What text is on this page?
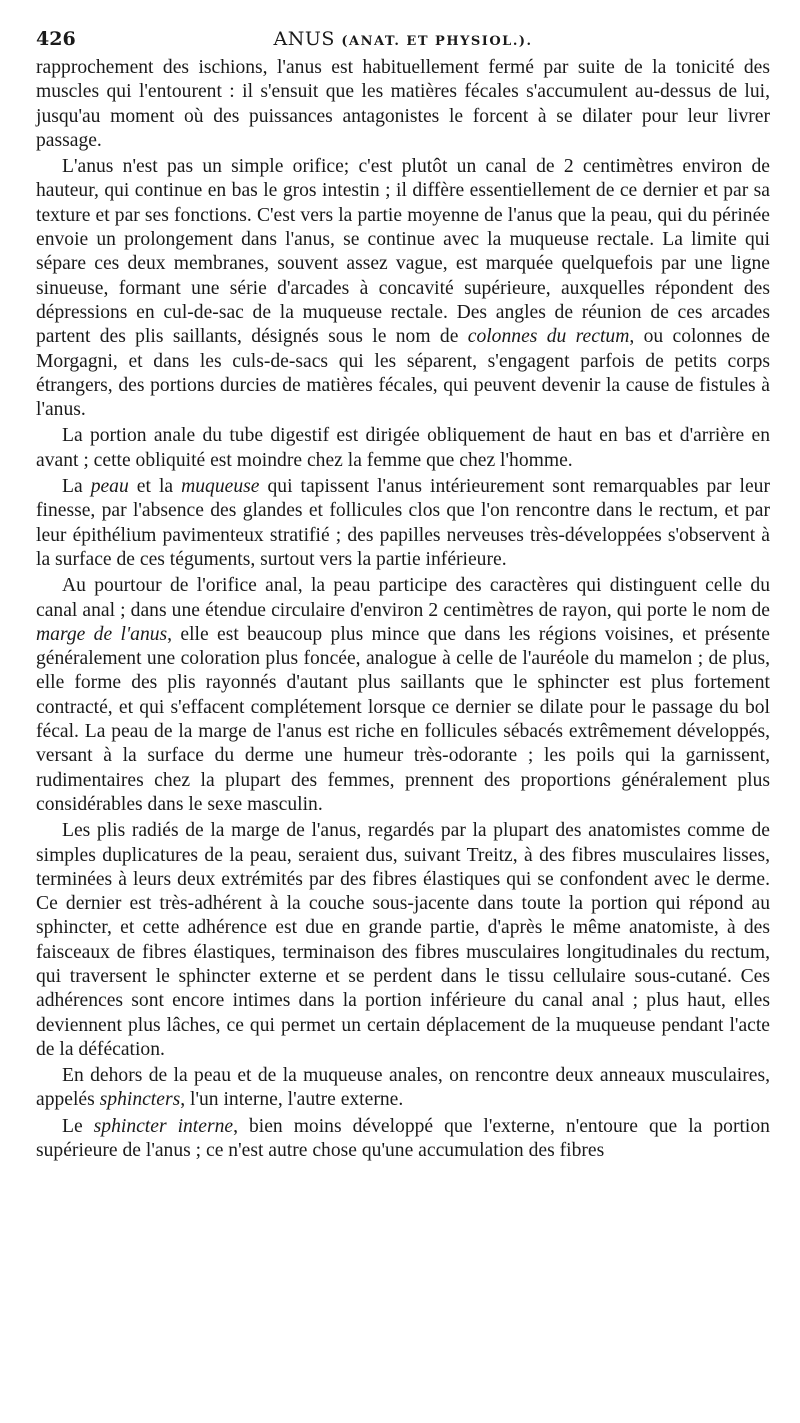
426	ANUS (ANAT. ET PHYSIOL.).

rapprochement des ischions, l'anus est habituellement fermé par suite de la tonicité des muscles qui l'entourent : il s'ensuit que les matières fécales s'accumulent au-dessus de lui, jusqu'au moment où des puissances antagonistes le forcent à se dilater pour leur livrer passage.

L'anus n'est pas un simple orifice; c'est plutôt un canal de 2 centimètres environ de hauteur, qui continue en bas le gros intestin ; il diffère essentiellement de ce dernier et par sa texture et par ses fonctions. C'est vers la partie moyenne de l'anus que la peau, qui du périnée envoie un prolongement dans l'anus, se continue avec la muqueuse rectale. La limite qui sépare ces deux membranes, souvent assez vague, est marquée quelquefois par une ligne sinueuse, formant une série d'arcades à concavité supérieure, auxquelles répondent des dépressions en cul-de-sac de la muqueuse rectale. Des angles de réunion de ces arcades partent des plis saillants, désignés sous le nom de colonnes du rectum, ou colonnes de Morgagni, et dans les culs-de-sacs qui les séparent, s'engagent parfois de petits corps étrangers, des portions durcies de matières fécales, qui peuvent devenir la cause de fistules à l'anus.

La portion anale du tube digestif est dirigée obliquement de haut en bas et d'arrière en avant ; cette obliquité est moindre chez la femme que chez l'homme.

La peau et la muqueuse qui tapissent l'anus intérieurement sont remarquables par leur finesse, par l'absence des glandes et follicules clos que l'on rencontre dans le rectum, et par leur épithélium pavimenteux stratifié ; des papilles nerveuses très-développées s'observent à la surface de ces téguments, surtout vers la partie inférieure.

Au pourtour de l'orifice anal, la peau participe des caractères qui distinguent celle du canal anal ; dans une étendue circulaire d'environ 2 centimètres de rayon, qui porte le nom de marge de l'anus, elle est beaucoup plus mince que dans les régions voisines, et présente généralement une coloration plus foncée, analogue à celle de l'auréole du mamelon ; de plus, elle forme des plis rayonnés d'autant plus saillants que le sphincter est plus fortement contracté, et qui s'effacent complétement lorsque ce dernier se dilate pour le passage du bol fécal. La peau de la marge de l'anus est riche en follicules sébacés extrêmement développés, versant à la surface du derme une humeur très-odorante ; les poils qui la garnissent, rudimentaires chez la plupart des femmes, prennent des proportions généralement plus considérables dans le sexe masculin.

Les plis radiés de la marge de l'anus, regardés par la plupart des anatomistes comme de simples duplicatures de la peau, seraient dus, suivant Treitz, à des fibres musculaires lisses, terminées à leurs deux extrémités par des fibres élastiques qui se confondent avec le derme. Ce dernier est très-adhérent à la couche sous-jacente dans toute la portion qui répond au sphincter, et cette adhérence est due en grande partie, d'après le même anatomiste, à des faisceaux de fibres élastiques, terminaison des fibres musculaires longitudinales du rectum, qui traversent le sphincter externe et se perdent dans le tissu cellulaire sous-cutané. Ces adhérences sont encore intimes dans la portion inférieure du canal anal ; plus haut, elles deviennent plus lâches, ce qui permet un certain déplacement de la muqueuse pendant l'acte de la défécation.

En dehors de la peau et de la muqueuse anales, on rencontre deux anneaux musculaires, appelés sphincters, l'un interne, l'autre externe.

Le sphincter interne, bien moins développé que l'externe, n'entoure que la portion supérieure de l'anus ; ce n'est autre chose qu'une accumulation des fibres
